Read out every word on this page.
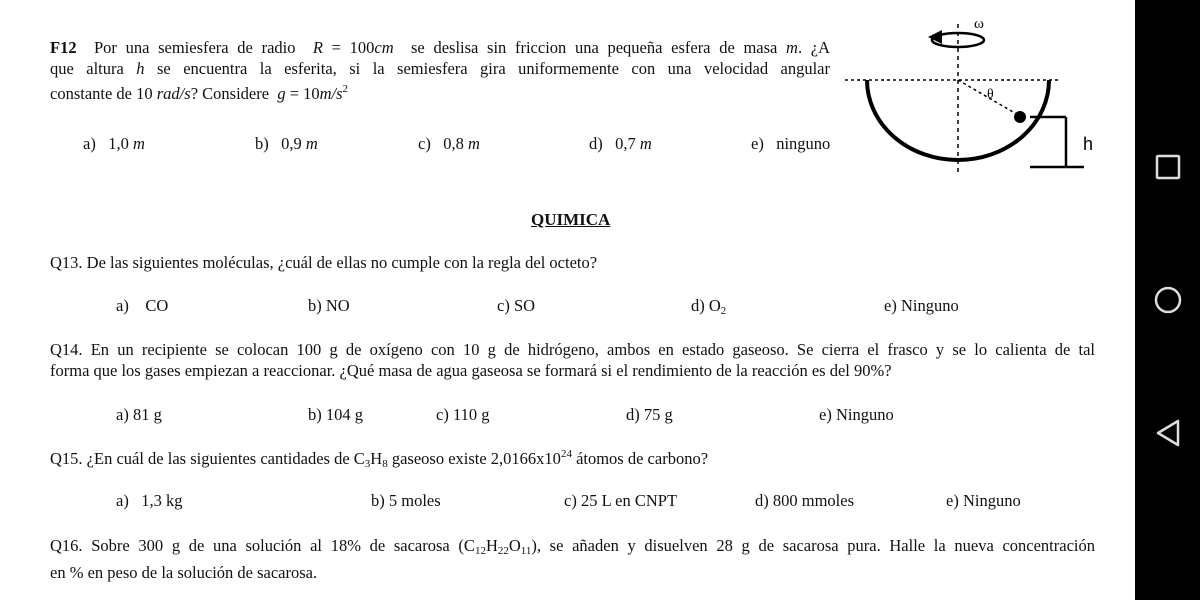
F12 Por una semiesfera de radio R = 100cm se deslisa sin friccion una pequeña esfera de masa m. ¿A
que altura h se encuentra la esferita, si la semiesfera gira uniformemente con una velocidad angular
constante de 10 rad/s? Considere $g = 10m/s^2$
a) 1,0 m	b) 0,9 m	c) 0,8 m	d) 0,7 m	e) ninguno
ω
θ
h
QUIMICA
Q13. De las siguientes moléculas, ¿cuál de ellas no cumple con la regla del octeto?
a) CO	b) NO	c) SO	d) $O_2$	e) Ninguno
Q14. En un recipiente se colocan 100 g de oxígeno con 10 g de hidrógeno, ambos en estado gaseoso. Se cierra el frasco y se lo calienta de tal
forma que los gases empiezan a reaccionar. ¿Qué masa de agua gaseosa se formará si el rendimiento de la reacción es del 90%?
a) 81 g	b) 104 g	c) 110 g	d) 75 g	e) Ninguno
Q15. ¿En cuál de las siguientes cantidades de $C_3H_8$ gaseoso existe $2,0166x10^{24}$ átomos de carbono?
a)   1,3 kg	b) 5 moles	c) 25 L en CNPT	d) 800 mmoles	e) Ninguno
Q16. Sobre 300 g de una solución al 18% de sacarosa $(C_{12}H_{22}O_{11})$, se añaden y disuelven 28 g de sacarosa pura. Halle la nueva concentración
en % en peso de la solución de sacarosa.
